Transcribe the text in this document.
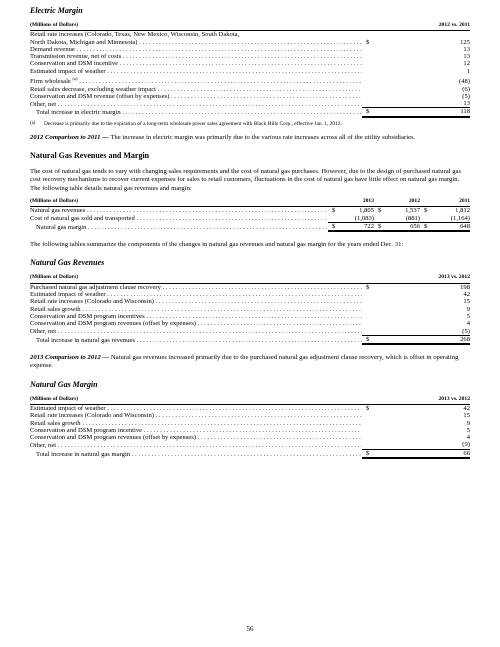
Electric Margin

(Millions of Dollars)	2012 vs. 2011	
Retail rate increases (Colorado, Texas, New Mexico, Wisconsin, South Dakota,		
North Dakota, Michigan and Minnesota) . . .	$	125
Demand revenue . . .		13
Transmission revenue, net of costs . . .		13
Conservation and DSM incentive . . .		12
Estimated impact of weather . . .		1
Firm wholesale $^{(a)}$ . . .		(48)
Retail sales decrease, excluding weather impact . . .		(6)
Conservation and DSM revenue (offset by expenses) . . .		(5)
Other, net . . .		13
Total increase in electric margin . . .	$	118
(a)	Decrease is primarily due to the expiration of a long-term wholesale power sales agreement with Black Hills Corp., effective Jan. 1, 2012.

2012 Comparison to 2011 — The increase in electric margin was primarily due to the various rate increases across all of the utility subsidiaries.

Natural Gas Revenues and Margin

The cost of natural gas tends to vary with changing sales requirements and the cost of natural gas purchases. However, due to the design of purchased natural gas cost recovery mechanisms to recover current expenses for sales to retail customers, fluctuations in the cost of natural gas have little effect on natural gas margin. The following table details natural gas revenues and margin:

(Millions of Dollars)	2013		2012		2011	
Natural gas revenues . . .	$	1,805	$	1,537	$	1,812
Cost of natural gas sold and transported . . .		(1,083)		(881)		(1,164)
Natural gas margin . . .	$	722	$	656	$	648

The following tables summarize the components of the changes in natural gas revenues and natural gas margin for the years ended Dec. 31:

Natural Gas Revenues

(Millions of Dollars)	2013 vs. 2012	
Purchased natural gas adjustment clause recovery . . .	$	198
Estimated impact of weather . . .		42
Retail rate increases (Colorado and Wisconsin) . . .		15
Retail sales growth . . .		9
Conservation and DSM program incentives . . .		5
Conservation and DSM program revenues (offset by expenses) . . .		4
Other, net . . .		(5)
Total increase in natural gas revenues . . .	$	268

2013 Comparison to 2012 — Natural gas revenues increased primarily due to the purchased natural gas adjustment clause recovery, which is offset in operating expense.

Natural Gas Margin

(Millions of Dollars)	2013 vs. 2012	
Estimated impact of weather . . .	$	42
Retail rate increases (Colorado and Wisconsin) . . .		15
Retail sales growth . . .		9
Conservation and DSM program incentive . . .		5
Conservation and DSM program revenues (offset by expenses) . . .		4
Other, net . . .		(9)
Total increase in natural gas margin . . .	$	66
56
